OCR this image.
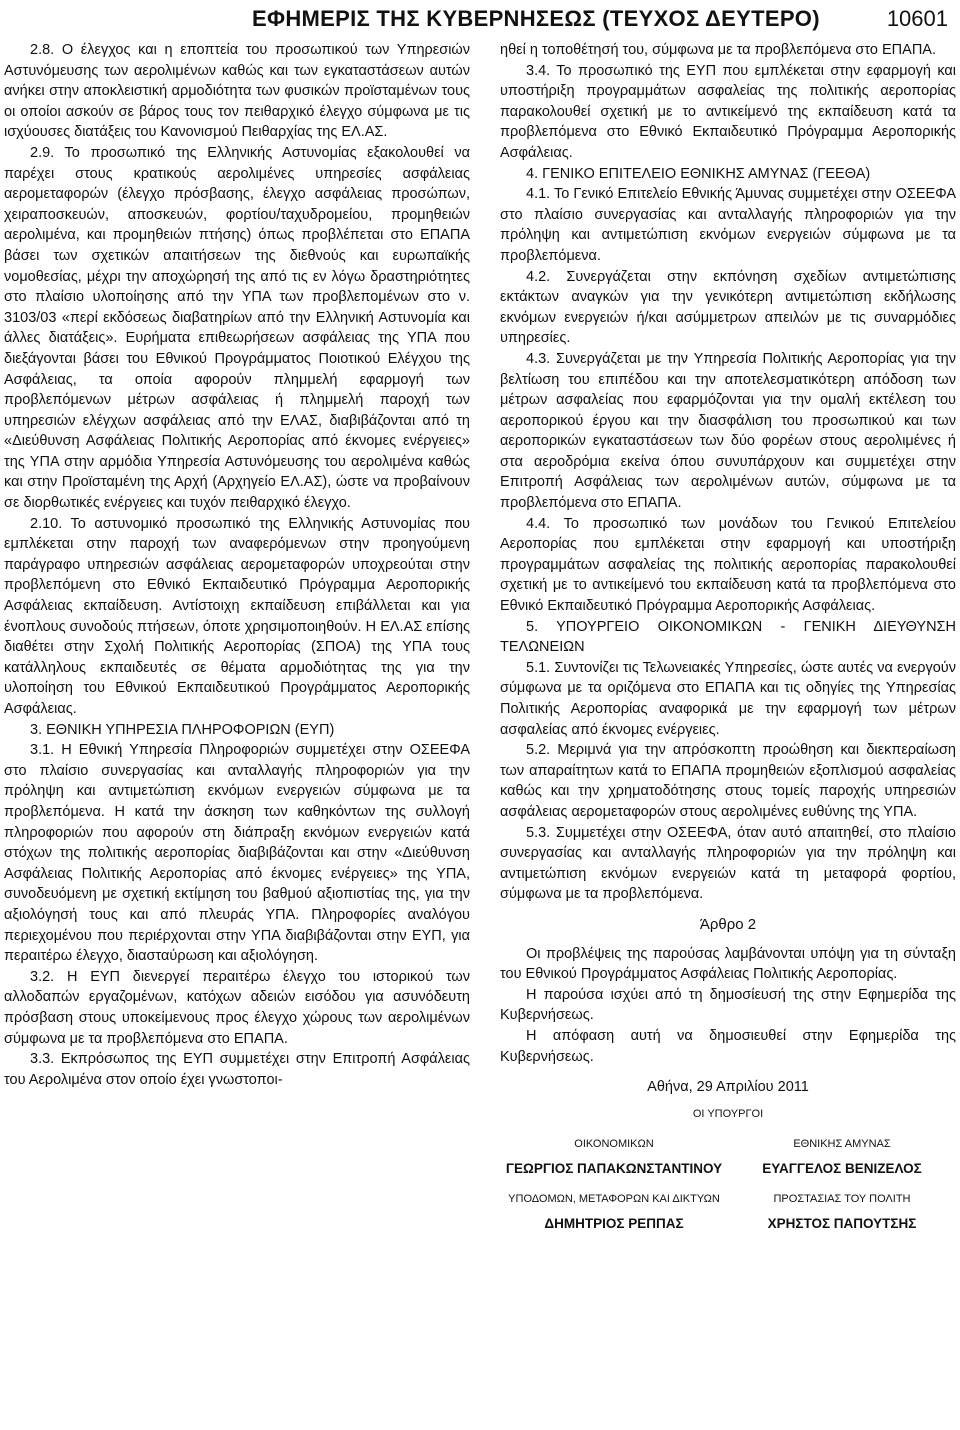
ΕΦΗΜΕΡΙΣ ΤΗΣ ΚΥΒΕΡΝΗΣΕΩΣ (ΤΕΥΧΟΣ ΔΕΥΤΕΡΟ)	10601

2.8. Ο έλεγχος και η εποπτεία του προσωπικού των Υπηρεσιών Αστυνόμευσης των αερολιμένων καθώς και των εγκαταστάσεων αυτών ανήκει στην αποκλειστική αρμοδιότητα των φυσικών προϊσταμένων τους οι οποίοι ασκούν σε βάρος τους τον πειθαρχικό έλεγχο σύμφωνα με τις ισχύουσες διατάξεις του Κανονισμού Πειθαρχίας της ΕΛ.ΑΣ.

2.9. Το προσωπικό της Ελληνικής Αστυνομίας εξακολουθεί να παρέχει στους κρατικούς αερολιμένες υπηρεσίες ασφάλειας αερομεταφορών (έλεγχο πρόσβασης, έλεγχο ασφάλειας προσώπων, χειραποσκευών, αποσκευών, φορτίου/ταχυδρομείου, προμηθειών αερολιμένα, και προμηθειών πτήσης) όπως προβλέπεται στο ΕΠΑΠΑ βάσει των σχετικών απαιτήσεων της διεθνούς και ευρωπαϊκής νομοθεσίας, μέχρι την αποχώρησή της από τις εν λόγω δραστηριότητες στο πλαίσιο υλοποίησης από την ΥΠΑ των προβλεπομένων στο ν. 3103/03 «περί εκδόσεως διαβατηρίων από την Ελληνική Αστυνομία και άλλες διατάξεις». Ευρήματα επιθεωρήσεων ασφάλειας της ΥΠΑ που διεξάγονται βάσει του Εθνικού Προγράμματος Ποιοτικού Ελέγχου της Ασφάλειας, τα οποία αφορούν πλημμελή εφαρμογή των προβλεπόμενων μέτρων ασφάλειας ή πλημμελή παροχή των υπηρεσιών ελέγχων ασφάλειας από την ΕΛΑΣ, διαβιβάζονται από τη «Διεύθυνση Ασφάλειας Πολιτικής Αεροπορίας από έκνομες ενέργειες» της ΥΠΑ στην αρμόδια Υπηρεσία Αστυνόμευσης του αερολιμένα καθώς και στην Προϊσταμένη της Αρχή (Αρχηγείο ΕΛ.ΑΣ), ώστε να προβαίνουν σε διορθωτικές ενέργειες και τυχόν πειθαρχικό έλεγχο.

2.10. Το αστυνομικό προσωπικό της Ελληνικής Αστυνομίας που εμπλέκεται στην παροχή των αναφερόμενων στην προηγούμενη παράγραφο υπηρεσιών ασφάλειας αερομεταφορών υποχρεούται στην προβλεπόμενη στο Εθνικό Εκπαιδευτικό Πρόγραμμα Αεροπορικής Ασφάλειας εκπαίδευση. Αντίστοιχη εκπαίδευση επιβάλλεται και για ένοπλους συνοδούς πτήσεων, όποτε χρησιμοποιηθούν. Η ΕΛ.ΑΣ επίσης διαθέτει στην Σχολή Πολιτικής Αεροπορίας (ΣΠΟΑ) της ΥΠΑ τους κατάλληλους εκπαιδευτές σε θέματα αρμοδιότητας της για την υλοποίηση του Εθνικού Εκπαιδευτικού Προγράμματος Αεροπορικής Ασφάλειας.

3. ΕΘΝΙΚΗ ΥΠΗΡΕΣΙΑ ΠΛΗΡΟΦΟΡΙΩΝ (ΕΥΠ)

3.1. Η Εθνική Υπηρεσία Πληροφοριών συμμετέχει στην ΟΣΕΕΦΑ στο πλαίσιο συνεργασίας και ανταλλαγής πληροφοριών για την πρόληψη και αντιμετώπιση εκνόμων ενεργειών σύμφωνα με τα προβλεπόμενα. Η κατά την άσκηση των καθηκόντων της συλλογή πληροφοριών που αφορούν στη διάπραξη εκνόμων ενεργειών κατά στόχων της πολιτικής αεροπορίας διαβιβάζονται και στην «Διεύθυνση Ασφάλειας Πολιτικής Αεροπορίας από έκνομες ενέργειες» της ΥΠΑ, συνοδευόμενη με σχετική εκτίμηση του βαθμού αξιοπιστίας της, για την αξιολόγησή τους και από πλευράς ΥΠΑ. Πληροφορίες αναλόγου περιεχομένου που περιέρχονται στην ΥΠΑ διαβιβάζονται στην ΕΥΠ, για περαιτέρω έλεγχο, διασταύρωση και αξιολόγηση.

3.2. Η ΕΥΠ διενεργεί περαιτέρω έλεγχο του ιστορικού των αλλοδαπών εργαζομένων, κατόχων αδειών εισόδου για ασυνόδευτη πρόσβαση στους υποκείμενους προς έλεγχο χώρους των αερολιμένων σύμφωνα με τα προβλεπόμενα στο ΕΠΑΠΑ.

3.3. Εκπρόσωπος της ΕΥΠ συμμετέχει στην Επιτροπή Ασφάλειας του Αερολιμένα στον οποίο έχει γνωστοποι-

ηθεί η τοποθέτησή του, σύμφωνα με τα προβλεπόμενα στο ΕΠΑΠΑ.

3.4. Το προσωπικό της ΕΥΠ που εμπλέκεται στην εφαρμογή και υποστήριξη προγραμμάτων ασφαλείας της πολιτικής αεροπορίας παρακολουθεί σχετική με το αντικείμενό της εκπαίδευση κατά τα προβλεπόμενα στο Εθνικό Εκπαιδευτικό Πρόγραμμα Αεροπορικής Ασφάλειας.

4. ΓΕΝΙΚΟ ΕΠΙΤΕΛΕΙΟ ΕΘΝΙΚΗΣ ΑΜΥΝΑΣ (ΓΕΕΘΑ)

4.1. Το Γενικό Επιτελείο Εθνικής Άμυνας συμμετέχει στην ΟΣΕΕΦΑ στο πλαίσιο συνεργασίας και ανταλλαγής πληροφοριών για την πρόληψη και αντιμετώπιση εκνόμων ενεργειών σύμφωνα με τα προβλεπόμενα.

4.2. Συνεργάζεται στην εκπόνηση σχεδίων αντιμετώπισης εκτάκτων αναγκών για την γενικότερη αντιμετώπιση εκδήλωσης εκνόμων ενεργειών ή/και ασύμμετρων απειλών με τις συναρμόδιες υπηρεσίες.

4.3. Συνεργάζεται με την Υπηρεσία Πολιτικής Αεροπορίας για την βελτίωση του επιπέδου και την αποτελεσματικότερη απόδοση των μέτρων ασφαλείας που εφαρμόζονται για την ομαλή εκτέλεση του αεροπορικού έργου και την διασφάλιση του προσωπικού και των αεροπορικών εγκαταστάσεων των δύο φορέων στους αερολιμένες ή στα αεροδρόμια εκείνα όπου συνυπάρχουν και συμμετέχει στην Επιτροπή Ασφάλειας των αερολιμένων αυτών, σύμφωνα με τα προβλεπόμενα στο ΕΠΑΠΑ.

4.4. Το προσωπικό των μονάδων του Γενικού Επιτελείου Αεροπορίας που εμπλέκεται στην εφαρμογή και υποστήριξη προγραμμάτων ασφαλείας της πολιτικής αεροπορίας παρακολουθεί σχετική με το αντικείμενό του εκπαίδευση κατά τα προβλεπόμενα στο Εθνικό Εκπαιδευτικό Πρόγραμμα Αεροπορικής Ασφάλειας.

5. ΥΠΟΥΡΓΕΙΟ ΟΙΚΟΝΟΜΙΚΩΝ - ΓΕΝΙΚΗ ΔΙΕΥΘΥΝΣΗ ΤΕΛΩΝΕΙΩΝ

5.1. Συντονίζει τις Τελωνειακές Υπηρεσίες, ώστε αυτές να ενεργούν σύμφωνα με τα οριζόμενα στο ΕΠΑΠΑ και τις οδηγίες της Υπηρεσίας Πολιτικής Αεροπορίας αναφορικά με την εφαρμογή των μέτρων ασφαλείας από έκνομες ενέργειες.

5.2. Μεριμνά για την απρόσκοπτη προώθηση και διεκπεραίωση των απαραίτητων κατά το ΕΠΑΠΑ προμηθειών εξοπλισμού ασφαλείας καθώς και την χρηματοδότησης στους τομείς παροχής υπηρεσιών ασφάλειας αερομεταφορών στους αερολιμένες ευθύνης της ΥΠΑ.

5.3. Συμμετέχει στην ΟΣΕΕΦΑ, όταν αυτό απαιτηθεί, στο πλαίσιο συνεργασίας και ανταλλαγής πληροφοριών για την πρόληψη και αντιμετώπιση εκνόμων ενεργειών κατά τη μεταφορά φορτίου, σύμφωνα με τα προβλεπόμενα.

Άρθρο 2

Οι προβλέψεις της παρούσας λαμβάνονται υπόψη για τη σύνταξη του Εθνικού Προγράμματος Ασφάλειας Πολιτικής Αεροπορίας.

Η παρούσα ισχύει από τη δημοσίευσή της στην Εφημερίδα της Κυβερνήσεως.

Η απόφαση αυτή να δημοσιευθεί στην Εφημερίδα της Κυβερνήσεως.

Αθήνα, 29 Απριλίου 2011

ΟΙ ΥΠΟΥΡΓΟΙ
ΟΙΚΟΝΟΜΙΚΩΝ
ΓΕΩΡΓΙΟΣ ΠΑΠΑΚΩΝΣΤΑΝΤΙΝΟΥ
ΕΘΝΙΚΗΣ ΑΜΥΝΑΣ
ΕΥΑΓΓΕΛΟΣ ΒΕΝΙΖΕΛΟΣ
ΥΠΟΔΟΜΩΝ, ΜΕΤΑΦΟΡΩΝ ΚΑΙ ΔΙΚΤΥΩΝ
ΔΗΜΗΤΡΙΟΣ ΡΕΠΠΑΣ
ΠΡΟΣΤΑΣΙΑΣ ΤΟΥ ΠΟΛΙΤΗ
ΧΡΗΣΤΟΣ ΠΑΠΟΥΤΣΗΣ
